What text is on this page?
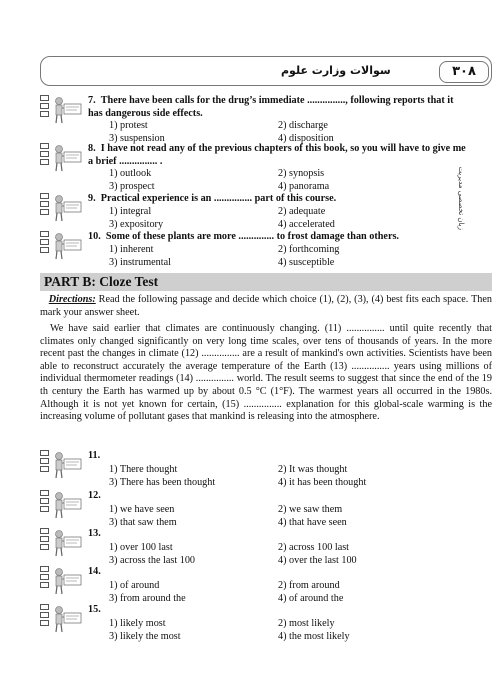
سوالات وزارت علوم	۳۰۸
زبان تخصصی مدیریت
7. There have been calls for the drug’s immediate ..............., following reports that it has dangerous side effects.
1) protest	2) discharge
3) suspension	4) disposition
8. I have not read any of the previous chapters of this book, so you will have to give me a brief ............... .
1) outlook	2) synopsis
3) prospect	4) panorama
9. Practical experience is an ............... part of this course.
1) integral	2) adequate
3) expository	4) accelerated
10. Some of these plants are more .............. to frost damage than others.
1) inherent	2) forthcoming
3) instrumental	4) susceptible
PART B: Cloze Test
Directions: Read the following passage and decide which choice (1), (2), (3), (4) best fits each space. Then mark your answer sheet.
We have said earlier that climates are continuously changing. (11) ............... until quite recently that climates only changed significantly on very long time scales, over tens of thousands of years. In the more recent past the changes in climate (12) ............... are a result of mankind's own activities. Scientists have been able to reconstruct accurately the average temperature of the Earth (13) ............... years using millions of individual thermometer readings (14) ............... world. The result seems to suggest that since the end of the 19 th century the Earth has warmed up by about 0.5 °C (1°F). The warmest years all occurred in the 1980s. Although it is not yet known for certain, (15) ............... explanation for this global-scale warming is the increasing volume of pollutant gases that mankind is releasing into the atmosphere.
11.
1) There thought	2) It was thought
3) There has been thought	4) it has been thought
12.
1) we have seen	2) we saw them
3) that saw them	4) that have seen
13.
1) over 100 last	2) across 100 last
3) across the last 100	4) over the last 100
14.
1) of around	2) from around
3) from around the	4) of around the
15.
1) likely most	2) most likely
3) likely the most	4) the most likely
